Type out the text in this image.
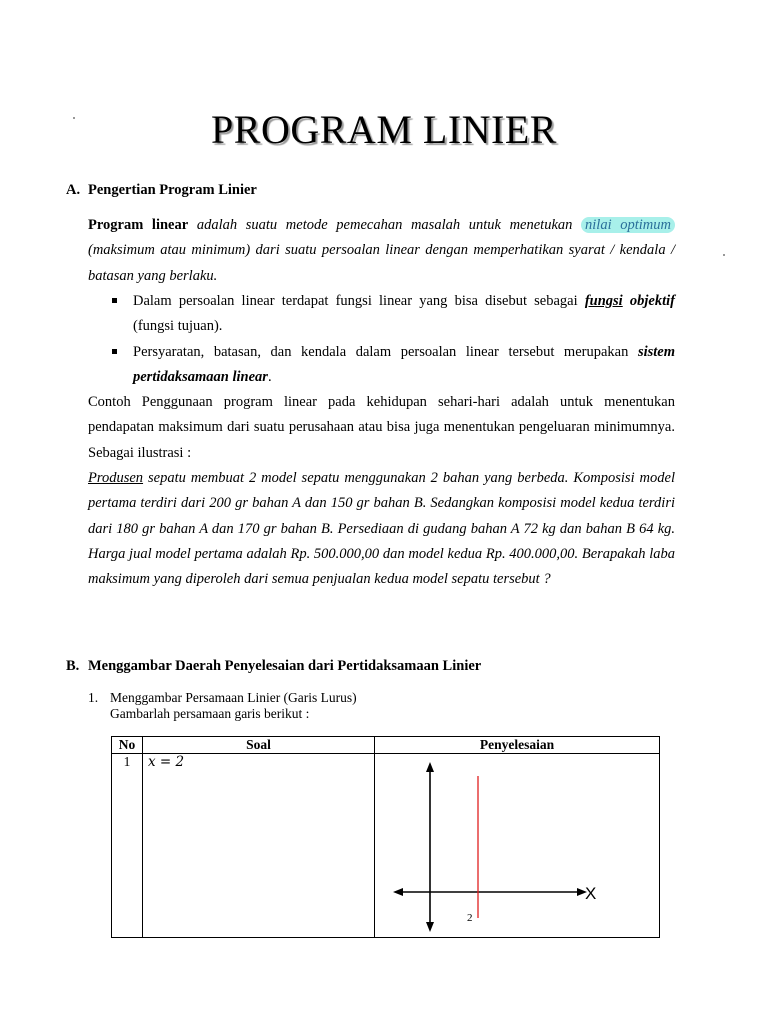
PROGRAM LINIER
A. Pengertian Program Linier

Program linear adalah suatu metode pemecahan masalah untuk menetukan nilai optimum (maksimum atau minimum) dari suatu persoalan linear dengan memperhatikan syarat / kendala / batasan yang berlaku.

Dalam persoalan linear terdapat fungsi linear yang bisa disebut sebagai fungsi objektif (fungsi tujuan).
Persyaratan, batasan, dan kendala dalam persoalan linear tersebut merupakan sistem pertidaksamaan linear.

Contoh Penggunaan program linear pada kehidupan sehari-hari adalah untuk menentukan pendapatan maksimum dari suatu perusahaan atau bisa juga menentukan pengeluaran minimumnya. Sebagai ilustrasi :

Produsen sepatu membuat 2 model sepatu menggunakan 2 bahan yang berbeda. Komposisi model pertama terdiri dari 200 gr bahan A dan 150 gr bahan B. Sedangkan komposisi model kedua terdiri dari 180 gr bahan A dan 170 gr bahan B. Persediaan di gudang bahan A 72 kg dan bahan B 64 kg. Harga jual model pertama adalah Rp. 500.000,00 dan model kedua Rp. 400.000,00. Berapakah laba maksimum yang diperoleh dari semua penjualan kedua model sepatu tersebut ?

B. Menggambar Daerah Penyelesaian dari Pertidaksamaan Linier
1. Menggambar Persamaan Linier (Garis Lurus)
Gambarlah persamaan garis berikut :
No	Soal	Penyelesaian
1	x = 2	2
X
